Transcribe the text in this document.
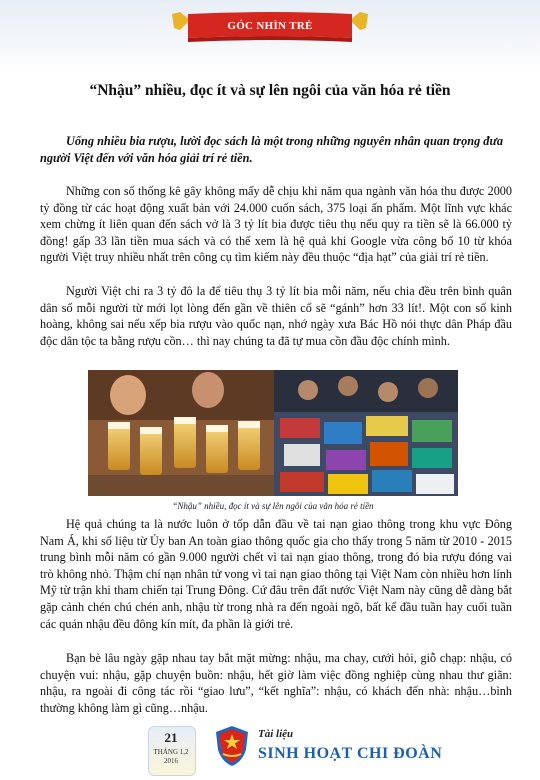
GÓC NHÌN TRẺ
“Nhậu” nhiều, đọc ít và sự lên ngôi của văn hóa rẻ tiền
Uống nhiều bia rượu, lười đọc sách là một trong những nguyên nhân quan trọng đưa người Việt đến với văn hóa giải trí rẻ tiền.
Những con số thống kê gây không mấy dễ chịu khi năm qua ngành văn hóa thu được 2000 tỷ đồng từ các hoạt động xuất bản với 24.000 cuốn sách, 375 loại ấn phẩm. Một lĩnh vực khác xem chừng ít liên quan đến sách vở là 3 tỷ lít bia được tiêu thụ nếu quy ra tiền sẽ là 66.000 tỷ đồng! gấp 33 lần tiền mua sách và có thể xem là hệ quả khi Google vừa công bố 10 từ khóa người Việt truy nhiều nhất trên công cụ tìm kiếm này đều thuộc “địa hạt” của giải trí rẻ tiền.
Người Việt chi ra 3 tỷ đô la để tiêu thụ 3 tỷ lít bia mỗi năm, nếu chia đều trên bình quân dân số mỗi người từ mới lọt lòng đến gần về thiên cổ sẽ “gánh” hơn 33 lít!. Một con số kinh hoàng, không sai nếu xếp bia rượu vào quốc nạn, nhớ ngày xưa Bác Hồ nói thực dân Pháp đầu độc dân tộc ta bằng rượu cồn… thì nay chúng ta đã tự mua cồn đầu độc chính mình.
“Nhậu” nhiều, đọc ít và sự lên ngôi của văn hóa rẻ tiền
Hệ quả chúng ta là nước luôn ở tốp dẫn đầu về tai nạn giao thông trong khu vực Đông Nam Á, khi số liệu từ Ủy ban An toàn giao thông quốc gia cho thấy trong 5 năm từ 2010 - 2015 trung bình mỗi năm có gần 9.000 người chết vì tai nạn giao thông, trong đó bia rượu đóng vai trò không nhỏ. Thậm chí nạn nhân tử vong vì tai nạn giao thông tại Việt Nam còn nhiều hơn lính Mỹ từ trận khi tham chiến tại Trung Đông. Cứ đâu trên đất nước Việt Nam này cũng dễ dàng bắt gặp cảnh chén chú chén anh, nhậu từ trong nhà ra đến ngoài ngõ, bất kể đầu tuần hay cuối tuần các quán nhậu đều đông kín mít, đa phần là giới trẻ.
Bạn bè lâu ngày gặp nhau tay bắt mặt mừng: nhậu, ma chay, cưới hỏi, giỗ chạp: nhậu, có chuyện vui: nhậu, gặp chuyện buồn: nhậu, hết giờ làm việc đồng nghiệp cùng nhau thư giãn: nhậu, ra ngoài đi công tác rồi “giao lưu”, “kết nghĩa”: nhậu, có khách đến nhà: nhậu…bình thường không làm gì cũng…nhậu.
21
THÁNG 1,2
2016
Tài liệu
SINH HOẠT CHI ĐOÀN
